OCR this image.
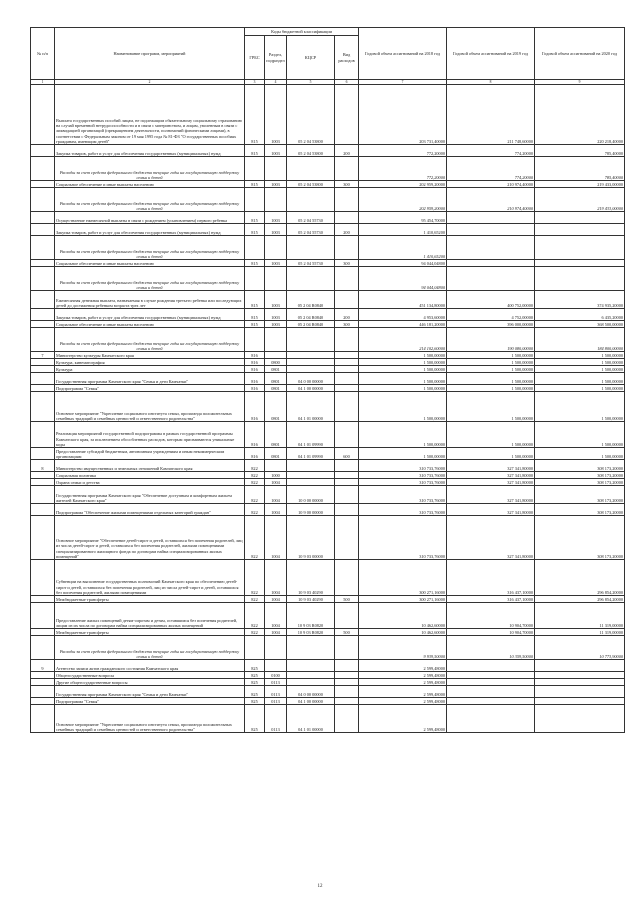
№ п/п	Наименование программ, мероприятий	Коды бюджетной классификации				Годовой объем ассигнований на 2018 год	Годовой объем ассигнований на 2019 год	Годовой объем ассигнований на 2020 год
		ГРБС	Раздел, подраздел	КЦСР	Вид расходов			
1	2	3	4	5	6	7	8	9
	Выплата государственных пособий лицам, не подлежащим обязательному социальному страхованию на случай временной нетрудоспособности и в связи с материнством, и лицам, уволенным в связи с ликвидацией организаций (прекращением деятельности, полномочий физическими лицами), в соответствии с Федеральным законом от 19 мая 1995 года № 81-ФЗ "О государственных пособиях гражданам, имеющим детей"	815	1003	05 2 04 53800		203 731,40000	211 748,60000	220 218,40000
	Закупка товаров, работ и услуг для обеспечения государственных (муниципальных) нужд	815	1003	05 2 04 53800	200	772,20000	774,20000	785,40000
	Расходы за счет средств федерального бюджета текущие годы на государственную поддержку семьи и детей					772,20000	774,20000	785,40000
	Социальное обеспечение и иные выплаты населению	815	1003	05 2 04 53800	300	202 959,20000	210 974,40000	219 433,00000
	Расходы за счет средств федерального бюджета текущие годы на государственную поддержку семьи и детей					202 959,20000	210 974,40000	219 433,00000
	Осуществление ежемесячной выплаты в связи с рождением (усыновлением) первого ребенка	815	1003	05 2 04 55730		95 454,70000		
	Закупка товаров, работ и услуг для обеспечения государственных (муниципальных) нужд	815	1003	05 2 04 55730	200	1 410,65200		
	Расходы за счет средств федерального бюджета текущие годы на государственную поддержку семьи и детей					1 410,65200		
	Социальное обеспечение и иные выплаты населению	815	1003	05 2 04 55730	300	94 044,04800		
	Расходы за счет средств федерального бюджета текущие годы на государственную поддержку семьи и детей					94 044,04800		
	Ежемесячная денежная выплата, назначаемая в случае рождения третьего ребенка или последующих детей до достижения ребенком возраста трех лет	815	1003	05 2 04 R0840		451 134,80000	400 752,00000	374 935,20000
	Закупка товаров, работ и услуг для обеспечения государственных (муниципальных) нужд	815	1003	05 2 04 R0840	200	4 953,60000	4 752,00000	6 435,20000
	Социальное обеспечение и иные выплаты населению	815	1003	05 2 04 R0840	300	446 181,20000	396 000,00000	368 500,00000
	Расходы за счет средств федерального бюджета текущие годы на государственную поддержку семьи и детей					214 102,60000	190 080,00000	184 800,00000
7	Министерство культуры Камчатского края	816				1 500,00000	1 500,00000	1 500,00000
	Культура, кинематография	816	0800			1 500,00000	1 500,00000	1 500,00000
	Культура	816	0801			1 500,00000	1 500,00000	1 500,00000
	Государственная программа Камчатского края "Семья и дети Камчатки"	816	0801	04 0 00 00000		1 500,00000	1 500,00000	1 500,00000
	Подпрограмма "Семья"	816	0801	04 1 00 00000		1 500,00000	1 500,00000	1 500,00000
	Основное мероприятие "Укрепление социального института семьи, пропаганда положительных семейных традиций и семейных ценностей и ответственного родительства"	816	0801	04 1 01 00000		1 500,00000	1 500,00000	1 500,00000
	Реализация мероприятий государственной подпрограммы в рамках государственной программы Камчатского края, за исключением обособленных расходов, которым присваиваются уникальные коды	816	0801	04 1 01 09990		1 500,00000	1 500,00000	1 500,00000
	Предоставление субсидий бюджетным, автономным учреждениям и иным некоммерческим организациям	816	0801	04 1 01 09990	600	1 500,00000	1 500,00000	1 500,00000
8	Министерство имущественных и земельных отношений Камчатского края	822				310 733,76000	327 341,80000	308 173,20000
	Социальная политика	822	1000			310 733,76000	327 341,80000	308 173,20000
	Охрана семьи и детства	822	1004			310 733,76000	327 341,80000	308 173,20000
	Государственная программа Камчатского края "Обеспечение доступным и комфортным жильем жителей Камчатского края"	822	1004	10 0 00 00000		310 733,76000	327 341,80000	308 173,20000
	Подпрограмма "Обеспечение жилыми помещениями отдельных категорий граждан"	822	1004	10 9 00 00000		310 733,76000	327 341,80000	308 173,20000
	Основное мероприятие "Обеспечение детей-сирот и детей, оставшихся без попечения родителей, лиц из числа детей-сирот и детей, оставшихся без попечения родителей, жилыми помещениями специализированного жилищного фонда по договорам найма специализированных жилых помещений"	822	1004	10 9 03 00000		310 733,76000	327 341,80000	308 173,20000
	Субвенции на выполнение государственных полномочий Камчатского края по обеспечению детей-сирот и детей, оставшихся без попечения родителей, лиц из числа детей-сирот и детей, оставшихся без попечения родителей, жилыми помещениями	822	1004	10 9 03 40290		300 271,16000	316 437,10000	296 854,20000
	Межбюджетные трансферты	822	1004	10 9 03 40290	500	300 271,16000	316 437,10000	296 854,20000
	Предоставление жилых помещений детям-сиротам и детям, оставшимся без попечения родителей, лицам из их числа по договорам найма специализированных жилых помещений	822	1004	10 9 03 R0820		10 462,60000	10 904,70000	11 319,00000
	Межбюджетные трансферты	822	1004	10 9 03 R0820	500	10 462,60000	10 904,70000	11 319,00000
	Расходы за счет средств федерального бюджета текущие годы на государственную поддержку семьи и детей					9 939,50000	10 359,50000	10 773,90000
9	Агентство записи актов гражданского состояния Камчатского края	825				2 599,48000		
	Общегосударственные вопросы	825	0100			2 599,48000		
	Другие общегосударственные вопросы	825	0113			2 599,48000		
	Государственная программа Камчатского края "Семья и дети Камчатки"	825	0113	04 0 00 00000		2 599,48000		
	Подпрограмма "Семья"	825	0113	04 1 00 00000		2 599,48000		
	Основное мероприятие "Укрепление социального института семьи, пропаганда положительных семейных традиций и семейных ценностей и ответственного родительства"	825	0113	04 1 01 00000		2 599,48000		
12
